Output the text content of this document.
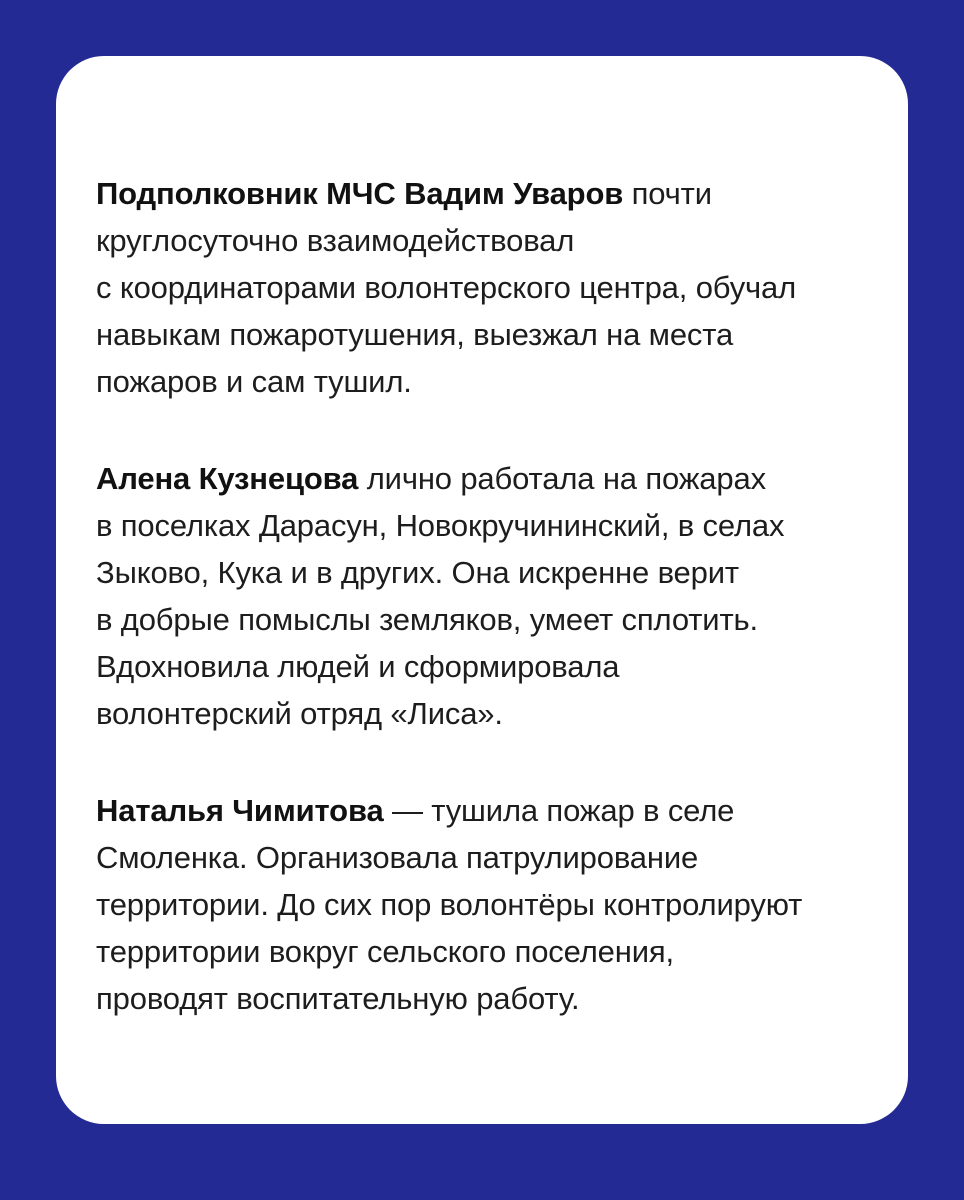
Подполковник МЧС Вадим Уваров почти
круглосуточно взаимодействовал
с координаторами волонтерского центра, обучал
навыкам пожаротушения, выезжал на места
пожаров и сам тушил.

Алена Кузнецова лично работала на пожарах
в поселках Дарасун, Новокручининский, в селах
Зыково, Кука и в других. Она искренне верит
в добрые помыслы земляков, умеет сплотить.
Вдохновила людей и сформировала
волонтерский отряд «Лиса».

Наталья Чимитова — тушила пожар в селе
Смоленка. Организовала патрулирование
территории. До сих пор волонтёры контролируют
территории вокруг сельского поселения,
проводят воспитательную работу.
